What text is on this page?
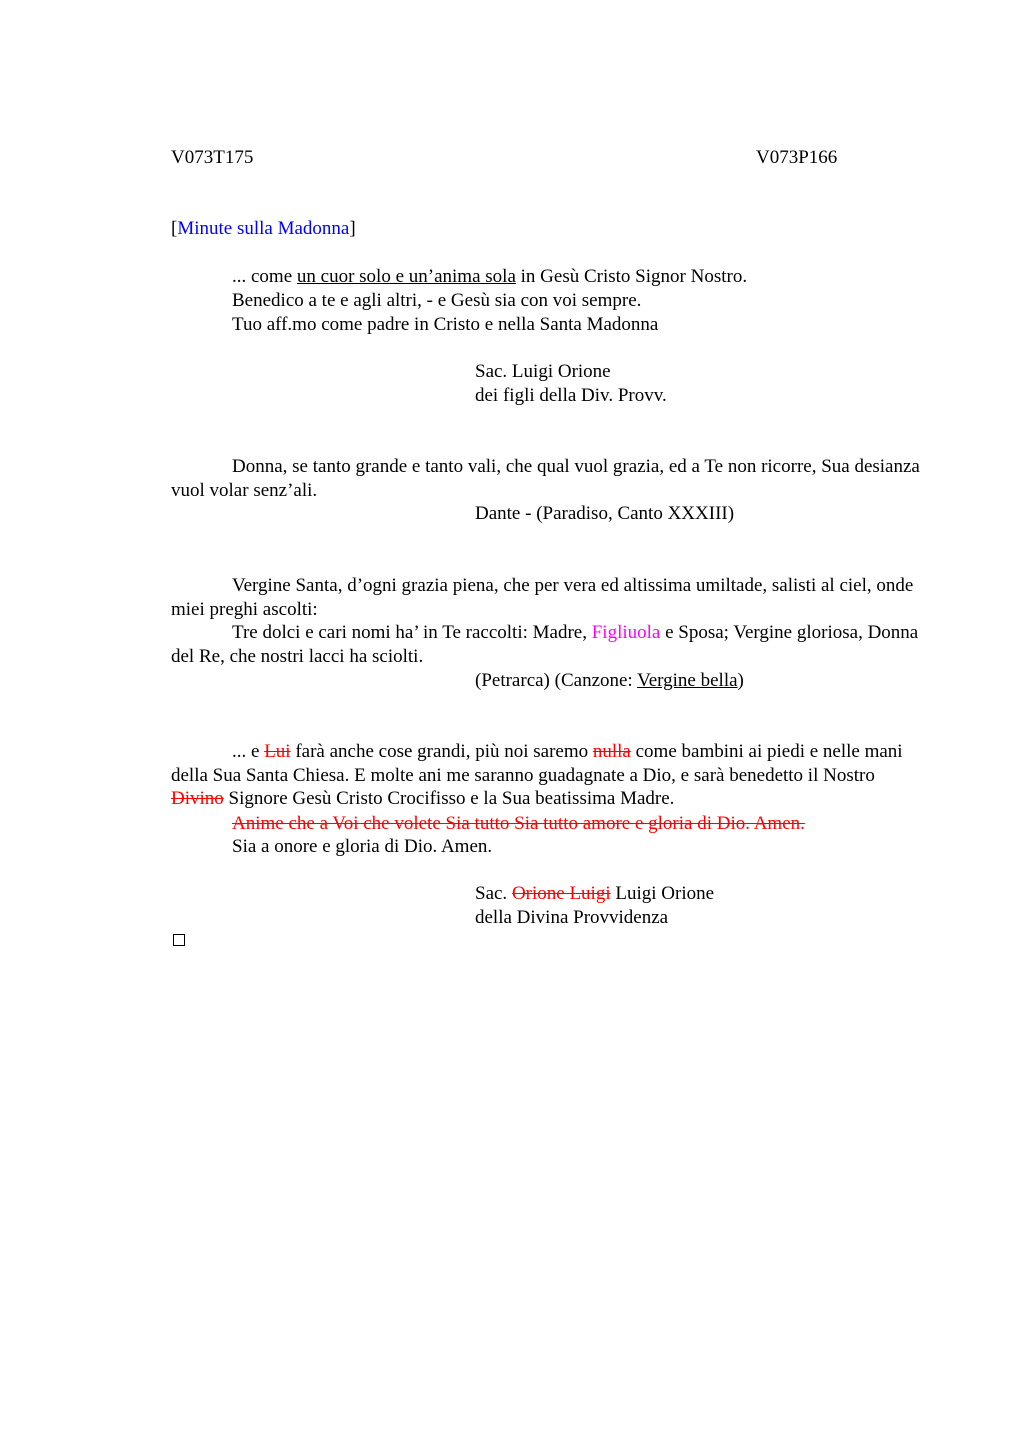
V073T175	V073P166
[Minute sulla Madonna]
... come un cuor solo e un’anima sola in Gesù Cristo Signor Nostro.
Benedico a te e agli altri, - e Gesù sia con voi sempre.
Tuo aff.mo come padre in Cristo e nella Santa Madonna
Sac. Luigi Orione
dei figli della Div. Provv.
Donna, se tanto grande e tanto vali, che qual vuol grazia, ed a Te non ricorre, Sua desianza vuol volar senz’ali.
Dante - (Paradiso, Canto XXXIII)
Vergine Santa, d’ogni grazia piena, che per vera ed altissima umiltade, salisti al ciel, onde miei preghi ascolti:
Tre dolci e cari nomi ha’ in Te raccolti: Madre, Figliuola e Sposa; Vergine gloriosa, Donna del Re, che nostri lacci ha sciolti.
(Petrarca) (Canzone: Vergine bella)
... e Lui farà anche cose grandi, più noi saremo nulla come bambini ai piedi e nelle mani della Sua Santa Chiesa. E molte ani me saranno guadagnate a Dio, e sarà benedetto il Nostro Divino Signore Gesù Cristo Crocifisso e la Sua beatissima Madre.
Anime che a Voi che volete Sia tutto Sia tutto amore e gloria di Dio. Amen.
Sia a onore e gloria di Dio. Amen.
Sac. Orione Luigi Luigi Orione
della Divina Provvidenza
